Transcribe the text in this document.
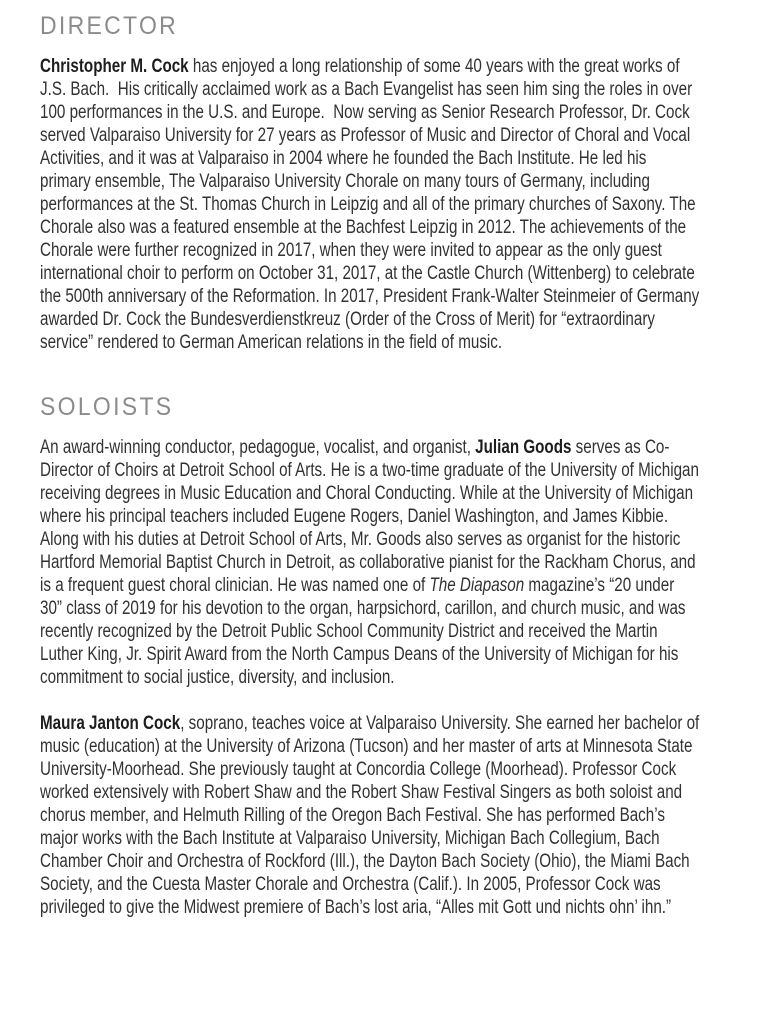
DIRECTOR

Christopher M. Cock has enjoyed a long relationship of some 40 years with the great works of J.S. Bach.  His critically acclaimed work as a Bach Evangelist has seen him sing the roles in over 100 performances in the U.S. and Europe.  Now serving as Senior Research Professor, Dr. Cock served Valparaiso University for 27 years as Professor of Music and Director of Choral and Vocal Activities, and it was at Valparaiso in 2004 where he founded the Bach Institute. He led his primary ensemble, The Valparaiso University Chorale on many tours of Germany, including performances at the St. Thomas Church in Leipzig and all of the primary churches of Saxony. The Chorale also was a featured ensemble at the Bachfest Leipzig in 2012. The achievements of the Chorale were further recognized in 2017, when they were invited to appear as the only guest international choir to perform on October 31, 2017, at the Castle Church (Wittenberg) to celebrate the 500th anniversary of the Reformation. In 2017, President Frank-Walter Steinmeier of Germany awarded Dr. Cock the Bundesverdienstkreuz (Order of the Cross of Merit) for “extraordinary service” rendered to German American relations in the field of music.

SOLOISTS

An award-winning conductor, pedagogue, vocalist, and organist, Julian Goods serves as Co-Director of Choirs at Detroit School of Arts. He is a two-time graduate of the University of Michigan receiving degrees in Music Education and Choral Conducting. While at the University of Michigan where his principal teachers included Eugene Rogers, Daniel Washington, and James Kibbie. Along with his duties at Detroit School of Arts, Mr. Goods also serves as organist for the historic Hartford Memorial Baptist Church in Detroit, as collaborative pianist for the Rackham Chorus, and is a frequent guest choral clinician. He was named one of The Diapason magazine’s “20 under 30” class of 2019 for his devotion to the organ, harpsichord, carillon, and church music, and was recently recognized by the Detroit Public School Community District and received the Martin Luther King, Jr. Spirit Award from the North Campus Deans of the University of Michigan for his commitment to social justice, diversity, and inclusion.

Maura Janton Cock, soprano, teaches voice at Valparaiso University. She earned her bachelor of music (education) at the University of Arizona (Tucson) and her master of arts at Minnesota State University-Moorhead. She previously taught at Concordia College (Moorhead). Professor Cock worked extensively with Robert Shaw and the Robert Shaw Festival Singers as both soloist and chorus member, and Helmuth Rilling of the Oregon Bach Festival. She has performed Bach’s major works with the Bach Institute at Valparaiso University, Michigan Bach Collegium, Bach Chamber Choir and Orchestra of Rockford (Ill.), the Dayton Bach Society (Ohio), the Miami Bach Society, and the Cuesta Master Chorale and Orchestra (Calif.). In 2005, Professor Cock was privileged to give the Midwest premiere of Bach’s lost aria, “Alles mit Gott und nichts ohn’ ihn.”
